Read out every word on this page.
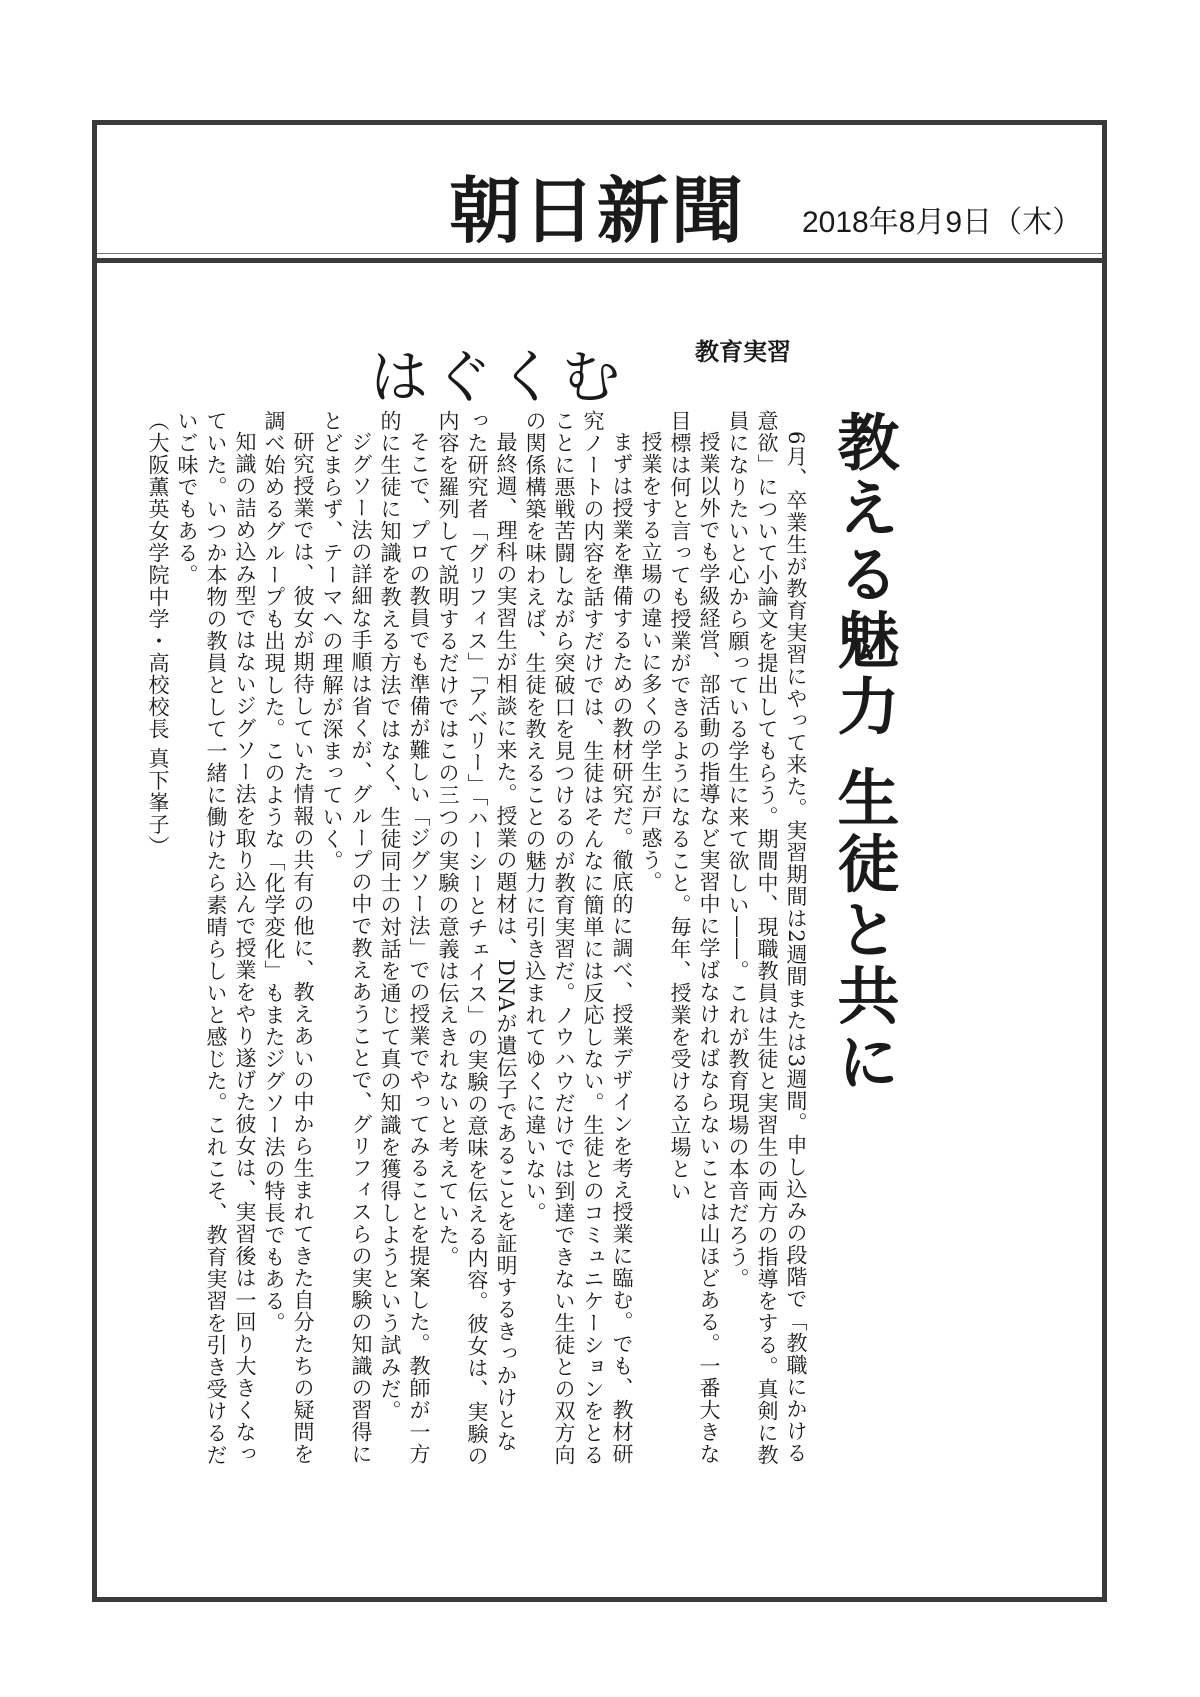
朝日新聞 2018年8月9日（木）
はぐくむ	教育実習
教える魅力 生徒と共に

6月、卒業生が教育実習にやって来た。実習期間は2週間または3週間。申し込みの段階で「教職にかける意欲」について小論文を提出してもらう。期間中、現職教員は生徒と実習生の両方の指導をする。真剣に教員になりたいと心から願っている学生に来て欲しい――。これが教育現場の本音だろう。

授業以外でも学級経営、部活動の指導など実習中に学ばなければならないことは山ほどある。一番大きな目標は何と言っても授業ができるようになること。毎年、授業を受ける立場とい

授業をする立場の違いに多くの学生が戸惑う。

まずは授業を準備するための教材研究だ。徹底的に調べ、授業デザインを考え授業に臨む。でも、教材研究ノートの内容を話すだけでは、生徒はそんなに簡単には反応しない。生徒とのコミュニケーションをとることに悪戦苦闘しながら突破口を見つけるのが教育実習だ。ノウハウだけでは到達できない生徒との双方向の関係構築を味わえば、生徒を教えることの魅力に引き込まれてゆくに違いない。

最終週、理科の実習生が相談に来た。授業の題材は、DNAが遺伝子であることを証明するきっかけとなった研究者「グリフィス」「アベリー」「ハーシーとチェイス」の実験の意味を伝える内容。彼女は、実験の内容を羅列して説明するだけではこの三つの実験の意義は伝えきれないと考えていた。

そこで、プロの教員でも準備が難しい「ジグソー法」での授業でやってみることを提案した。教師が一方的に生徒に知識を教える方法ではなく、生徒同士の対話を通じて真の知識を獲得しようという試みだ。

ジグソー法の詳細な手順は省くが、グループの中で教えあうことで、グリフィスらの実験の知識の習得にとどまらず、テーマへの理解が深まっていく。

研究授業では、彼女が期待していた情報の共有の他に、教えあいの中から生まれてきた自分たちの疑問を調べ始めるグループも出現した。このような「化学変化」もまたジグソー法の特長でもある。

知識の詰め込み型ではないジグソー法を取り込んで授業をやり遂げた彼女は、実習後は一回り大きくなっていた。いつか本物の教員として一緒に働けたら素晴らしいと感じた。これこそ、教育実習を引き受けるだいご味でもある。

（大阪薫英女学院中学・高校校長 真下峯子）
